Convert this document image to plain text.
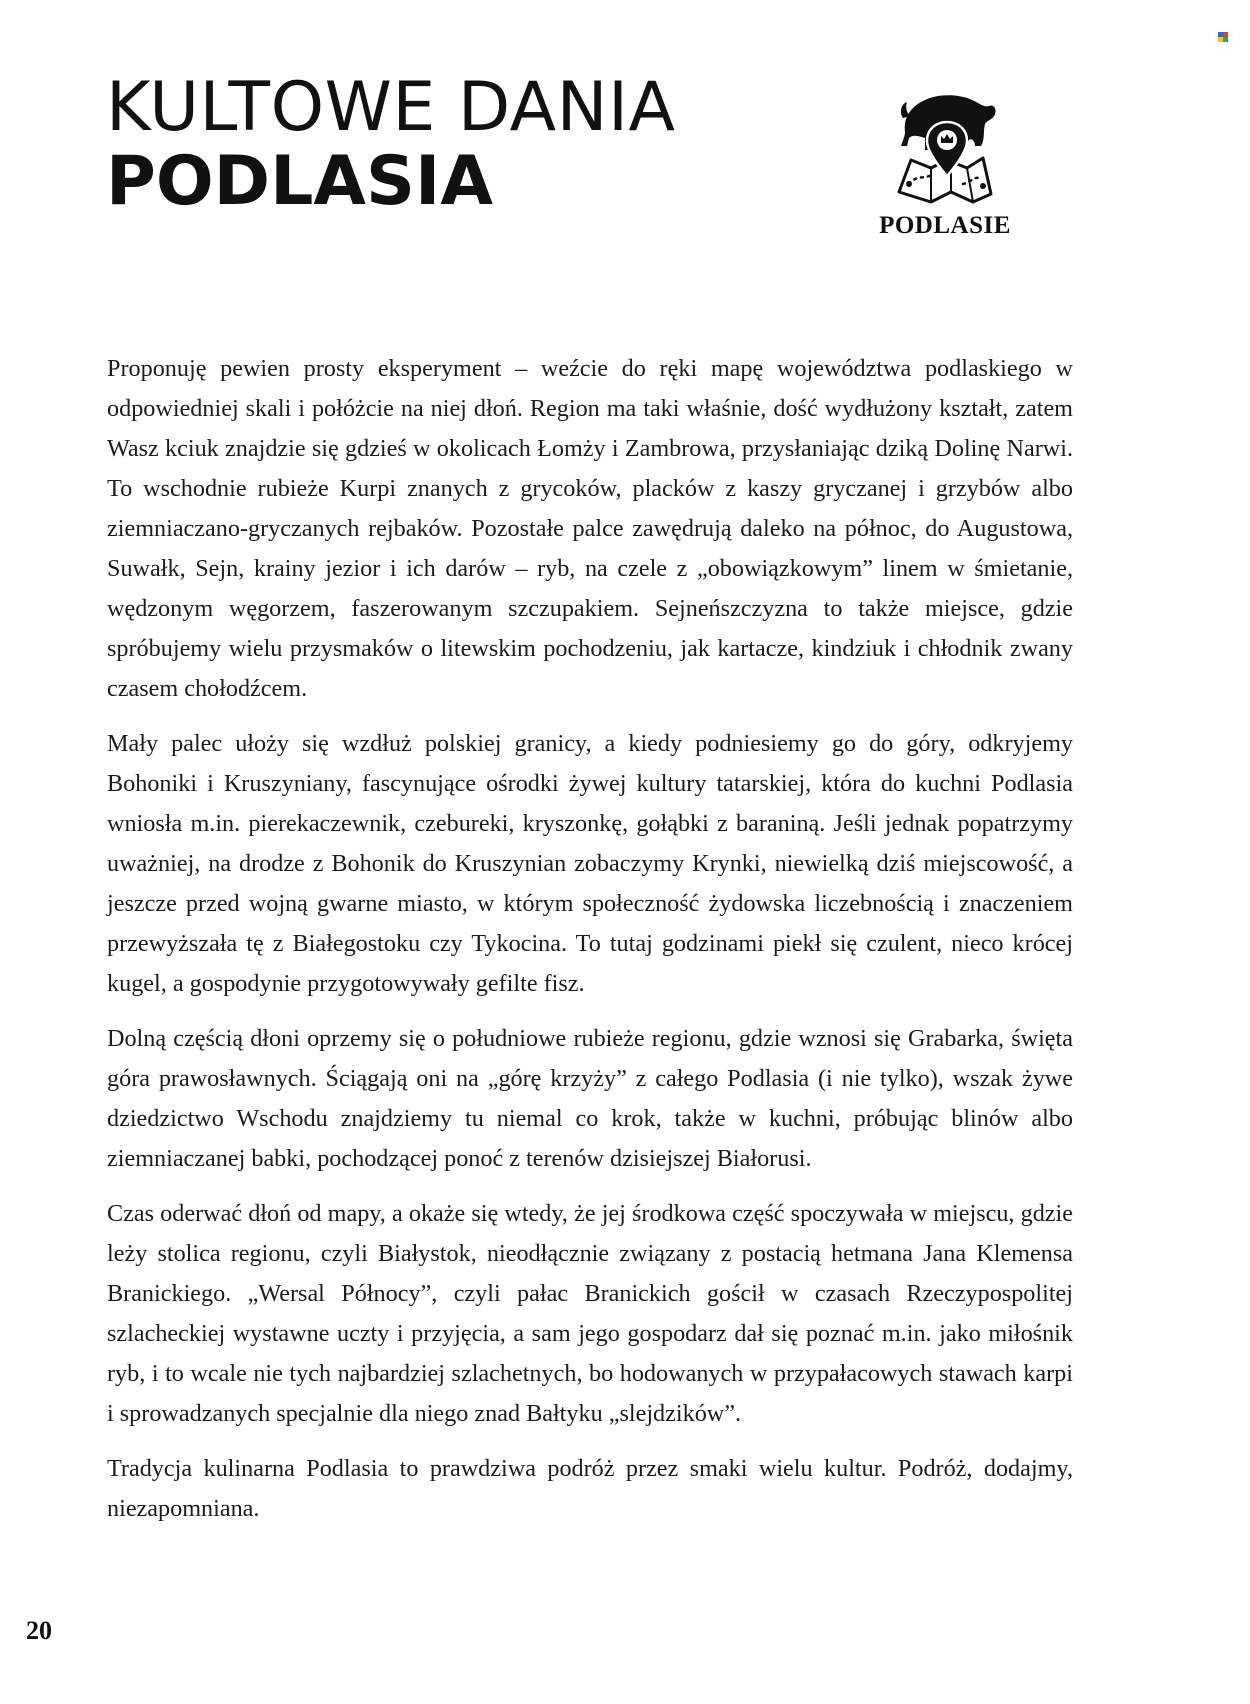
KULTOWE DANIA
PODLASIA
PODLASIE

Proponuję pewien prosty eksperyment – weźcie do ręki mapę województwa podlaskiego w odpowiedniej skali i połóżcie na niej dłoń. Region ma taki właśnie, dość wydłużony kształt, zatem Wasz kciuk znajdzie się gdzieś w okolicach Łomży i Zambrowa, przysłaniając dziką Dolinę Narwi. To wschodnie rubieże Kurpi znanych z grycoków, placków z kaszy gryczanej i grzybów albo ziemniaczano-gryczanych rejbaków. Pozostałe palce zawędrują daleko na północ, do Augustowa, Suwałk, Sejn, krainy jezior i ich darów – ryb, na czele z „obowiązkowym” linem w śmietanie, wędzonym węgorzem, faszerowanym szczupakiem. Sejneńszczyzna to także miejsce, gdzie spróbujemy wielu przysmaków o litewskim pochodzeniu, jak kartacze, kindziuk i chłodnik zwany czasem chołodźcem.

Mały palec ułoży się wzdłuż polskiej granicy, a kiedy podniesiemy go do góry, odkryjemy Bohoniki i Kruszyniany, fascynujące ośrodki żywej kultury tatarskiej, która do kuchni Podlasia wniosła m.in. pierekaczewnik, czebureki, kryszonkę, gołąbki z baraniną. Jeśli jednak popatrzymy uważniej, na drodze z Bohonik do Kruszynian zobaczymy Krynki, niewielką dziś miejscowość, a jeszcze przed wojną gwarne miasto, w którym społeczność żydowska liczebnością i znaczeniem przewyższała tę z Białegostoku czy Tykocina. To tutaj godzinami piekł się czulent, nieco krócej kugel, a gospodynie przygotowywały gefilte fisz.

Dolną częścią dłoni oprzemy się o południowe rubieże regionu, gdzie wznosi się Grabarka, święta góra prawosławnych. Ściągają oni na „górę krzyży” z całego Podlasia (i nie tylko), wszak żywe dziedzictwo Wschodu znajdziemy tu niemal co krok, także w kuchni, próbując blinów albo ziemniaczanej babki, pochodzącej ponoć z terenów dzisiejszej Białorusi.

Czas oderwać dłoń od mapy, a okaże się wtedy, że jej środkowa część spoczywała w miejscu, gdzie leży stolica regionu, czyli Białystok, nieodłącznie związany z postacią hetmana Jana Klemensa Branickiego. „Wersal Północy”, czyli pałac Branickich gościł w czasach Rzeczypospolitej szlacheckiej wystawne uczty i przyjęcia, a sam jego gospodarz dał się poznać m.in. jako miłośnik ryb, i to wcale nie tych najbardziej szlachetnych, bo hodowanych w przypałacowych stawach karpi i sprowadzanych specjalnie dla niego znad Bałtyku „slejdzików”.

Tradycja kulinarna Podlasia to prawdziwa podróż przez smaki wielu kultur. Podróż, dodajmy, niezapomniana.

20
